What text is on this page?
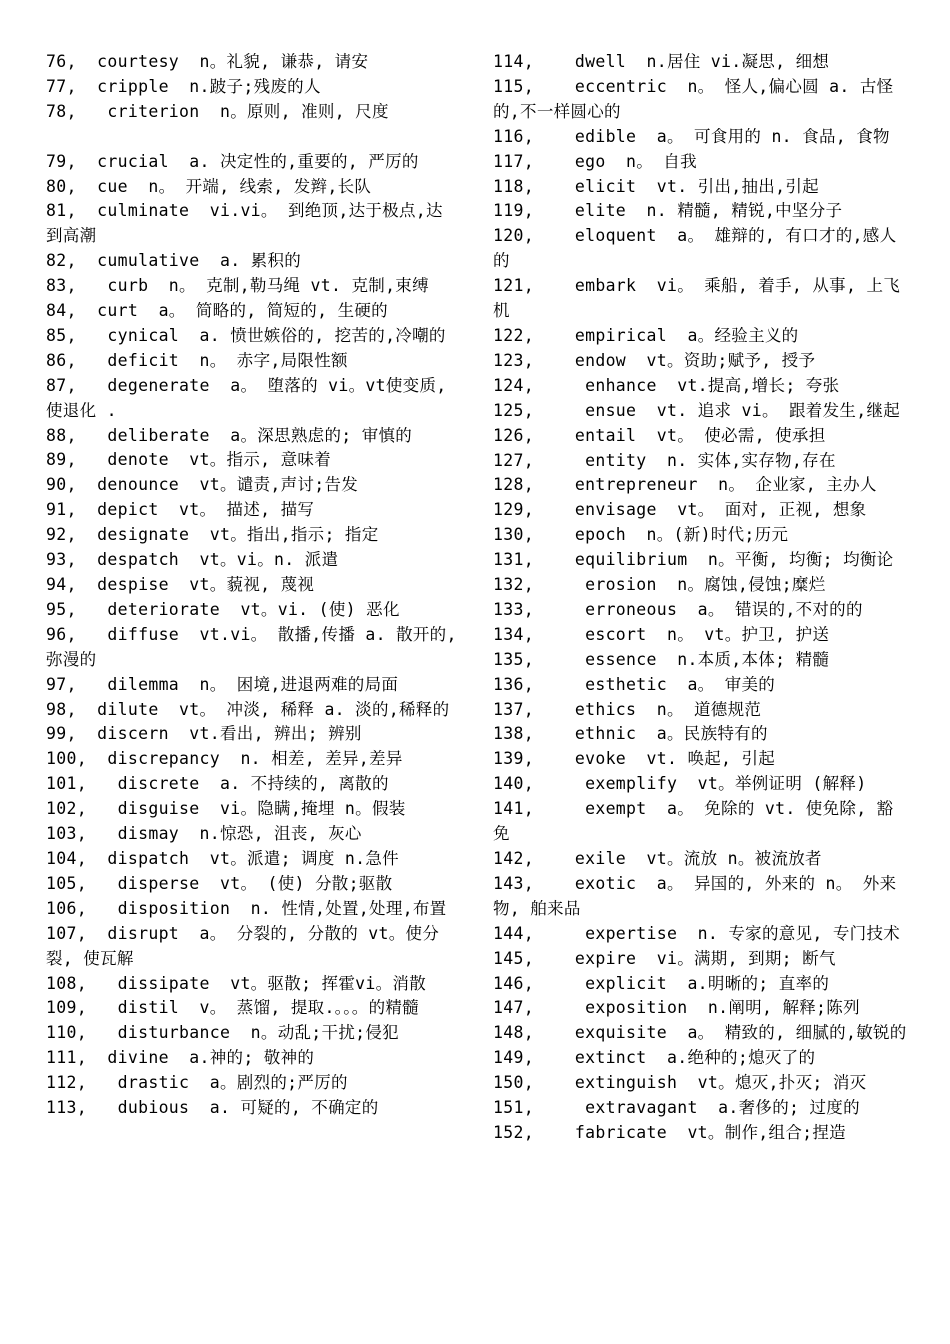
76,  courtesy  n。礼貌, 谦恭, 请安
77,  cripple  n.跛子;残废的人
78,   criterion  n。原则, 准则, 尺度
79,  crucial  a. 决定性的,重要的, 严厉的
80,  cue  n。 开端, 线索, 发辫,长队
81,  culminate  vi.vi。 到绝顶,达于极点,达到高潮
82,  cumulative  a. 累积的
83,   curb  n。 克制,勒马绳 vt. 克制,束缚
84,  curt  a。 简略的, 简短的, 生硬的
85,   cynical  a. 愤世嫉俗的, 挖苦的,冷嘲的
86,   deficit  n。 赤字,局限性额
87,   degenerate  a。 堕落的 vi。vt使变质, 使退化 .
88,   deliberate  a。深思熟虑的; 审慎的
89,   denote  vt。指示, 意味着
90,  denounce  vt。谴责,声讨;告发
91,  depict  vt。 描述, 描写
92,  designate  vt。指出,指示; 指定
93,  despatch  vt。vi。n. 派遣
94,  despise  vt。藐视, 蔑视
95,   deteriorate  vt。vi. (使) 恶化
96,   diffuse  vt.vi。 散播,传播 a. 散开的, 弥漫的
97,   dilemma  n。 困境,进退两难的局面
98,  dilute  vt。 冲淡, 稀释 a. 淡的,稀释的
99,  discern  vt.看出, 辨出; 辨别
100,  discrepancy  n. 相差, 差异,差异
101,   discrete  a. 不持续的, 离散的
102,   disguise  vi。隐瞒,掩埋 n。假装
103,   dismay  n.惊恐, 沮丧, 灰心
104,  dispatch  vt。派遣; 调度 n.急件
105,   disperse  vt。 (使) 分散;驱散
106,   disposition  n. 性情,处置,处理,布置
107,  disrupt  a。 分裂的, 分散的 vt。使分裂, 使瓦解
108,   dissipate  vt。驱散; 挥霍vi。消散
109,   distil  v。 蒸馏, 提取.。。。的精髓
110,   disturbance  n。动乱;干扰;侵犯
111,  divine  a.神的; 敬神的
112,   drastic  a。剧烈的;严厉的
113,   dubious  a. 可疑的, 不确定的
114,    dwell  n.居住 vi.凝思, 细想
115,    eccentric  n。 怪人,偏心圆 a. 古怪的,不一样圆心的
116,    edible  a。 可食用的 n. 食品, 食物
117,    ego  n。 自我
118,    elicit  vt. 引出,抽出,引起
119,    elite  n. 精髓, 精锐,中坚分子
120,    eloquent  a。 雄辩的, 有口才的,感人的
121,    embark  vi。 乘船, 着手, 从事, 上飞机
122,    empirical  a。经验主义的
123,    endow  vt。资助;赋予, 授予
124,     enhance  vt.提高,增长; 夸张
125,     ensue  vt. 追求 vi。 跟着发生,继起
126,    entail  vt。 使必需, 使承担
127,     entity  n. 实体,实存物,存在
128,    entrepreneur  n。 企业家, 主办人
129,    envisage  vt。 面对, 正视, 想象
130,    epoch  n。(新)时代;历元
131,    equilibrium  n。平衡, 均衡; 均衡论
132,     erosion  n。腐蚀,侵蚀;糜烂
133,     erroneous  a。 错误的,不对的的
134,     escort  n。 vt。护卫, 护送
135,     essence  n.本质,本体; 精髓
136,     esthetic  a。 审美的
137,    ethics  n。 道德规范
138,    ethnic  a。民族特有的
139,    evoke  vt. 唤起, 引起
140,     exemplify  vt。举例证明 (解释)
141,     exempt  a。 免除的 vt. 使免除, 豁免
142,    exile  vt。流放 n。被流放者
143,    exotic  a。 异国的, 外来的 n。 外来物, 舶来品
144,     expertise  n. 专家的意见, 专门技术
145,    expire  vi。满期, 到期; 断气
146,     explicit  a.明晰的; 直率的
147,     exposition  n.阐明, 解释;陈列
148,    exquisite  a。 精致的, 细腻的,敏锐的
149,    extinct  a.绝种的;熄灭了的
150,    extinguish  vt。熄灭,扑灭; 消灭
151,     extravagant  a.奢侈的; 过度的
152,    fabricate  vt。制作,组合;捏造
